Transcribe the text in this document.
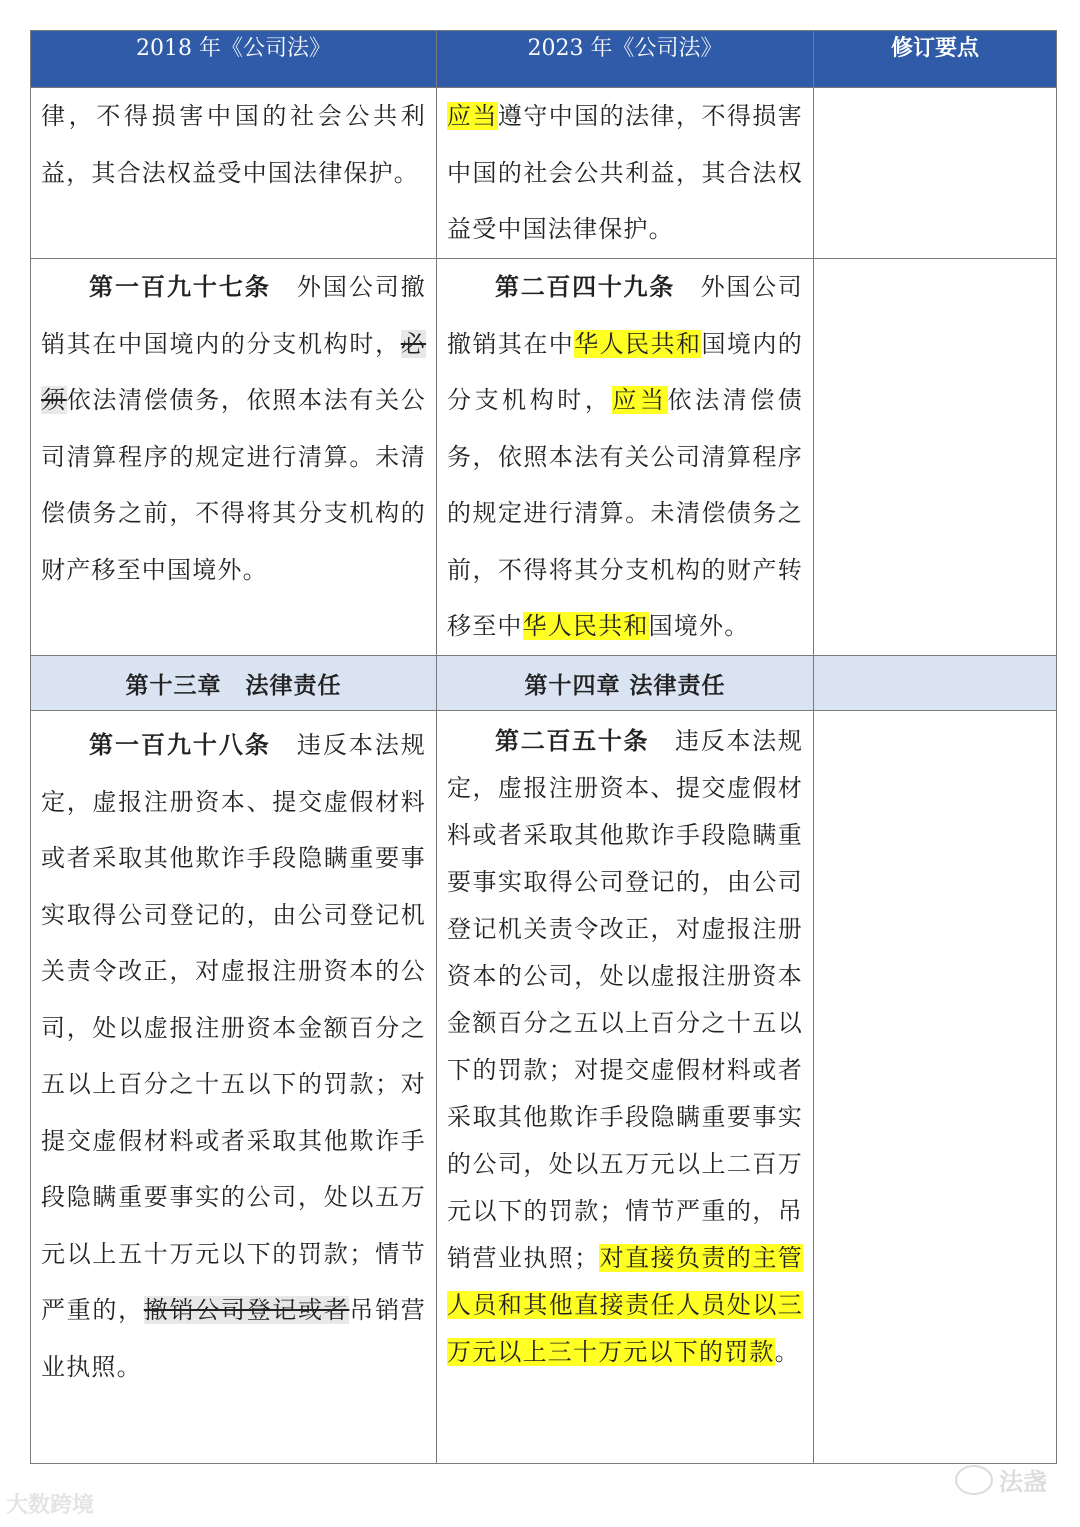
2018 年《公司法》	2023 年《公司法》	修订要点

律，不得损害中国的社会公共利益，其合法权益受中国法律保护。	应当遵守中国的法律，不得损害中国的社会公共利益，其合法权益受中国法律保护。	

第一百九十七条　 外国公司撤销其在中国境内的分支机构时，必须依法清偿债务，依照本法有关公司清算程序的规定进行清算。未清偿债务之前，不得将其分支机构的财产移至中国境外。	第二百四十九条　 外国公司撤销其在中华人民共和国境内的分支机构时，应当依法清偿债务，依照本法有关公司清算程序的规定进行清算。未清偿债务之前，不得将其分支机构的财产转移至中华人民共和国境外。	

第十三章　法律责任	第十四章 法律责任	

第一百九十八条　 违反本法规定，虚报注册资本、提交虚假材料或者采取其他欺诈手段隐瞒重要事实取得公司登记的，由公司登记机关责令改正，对虚报注册资本的公司，处以虚报注册资本金额百分之五以上百分之十五以下的罚款；对提交虚假材料或者采取其他欺诈手段隐瞒重要事实的公司，处以五万元以上五十万元以下的罚款；情节严重的，撤销公司登记或者吊销营业执照。	第二百五十条　 违反本法规定，虚报注册资本、提交虚假材料或者采取其他欺诈手段隐瞒重要事实取得公司登记的，由公司登记机关责令改正，对虚报注册资本的公司，处以虚报注册资本金额百分之五以上百分之十五以下的罚款；对提交虚假材料或者采取其他欺诈手段隐瞒重要事实的公司，处以五万元以上二百万元以下的罚款；情节严重的，吊销营业执照；对直接负责的主管人员和其他直接责任人员处以三万元以上三十万元以下的罚款。	

大数跨境
法盏
